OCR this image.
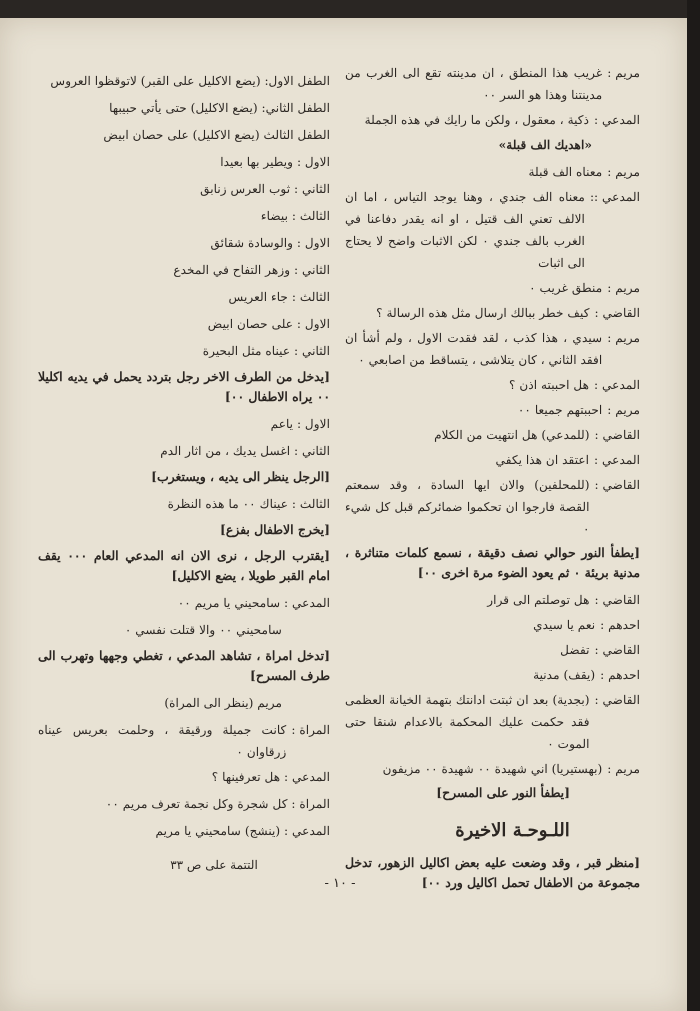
مريم :
غريب هذا المنطق ، ان مدينته تقع الى الغرب من مدينتنا وهذا هو السر ٠٠
المدعي :
ذكية ، معقول ، ولكن ما رايك في هذه الجملة
«اهديك الف قبلة»
مريم :
معناه الف قبلة
المدعي ::
معناه الف جندي ، وهنا يوجد التياس ، اما ان الالف تعني الف قتيل ، او انه يقدر دفاعنا في الغرب بالف جندي ٠ لكن الاثبات واضح لا يحتاج الى اثبات
مريم :
منطق غريب ٠
القاضي :
كيف خطر ببالك ارسال مثل هذه الرسالة ؟
مريم :
سيدي ، هذا كذب ، لقد فقدت الاول ، ولم أشأ ان افقد الثاني ، كان يتلاشى ، يتساقط من اصابعي ٠
المدعي :
هل احببته اذن ؟
مريم :
احببتهم جميعا ٠٠
القاضي :
(للمدعي) هل انتهيت من الكلام
المدعي :
اعتقد ان هذا يكفي
القاضي :
(للمحلفين) والان ايها السادة ، وقد سمعتم القصة فارجوا ان تحكموا ضمائركم قبل كل شيء ٠
[يطفأ النور حوالي نصف دقيقة ، نسمع كلمات متناثرة ، مدنية بريئة ٠ ثم يعود الضوء مرة اخرى ٠٠]
القاضي :
هل توصلتم الى قرار
احدهم :
نعم يا سيدي
القاضي :
تفضل
احدهم :
(يقف) مدنية
القاضي :
(بجدية) بعد ان ثبتت ادانتك بتهمة الخيانة العظمى فقد حكمت عليك المحكمة بالاعدام شنقا حتى الموت ٠
مريم :
(بهستيريا) اني شهيدة ٠٠ شهيدة ٠٠ مزيفون
[يطفأ النور على المسرح]
اللـوحـة الاخيرة
[منظر قبر ، وقد وضعت عليه بعض اكاليل الزهور، تدخل مجموعة من الاطفال تحمل اكاليل ورد ٠٠]
الطفل الاول: (يضع الاكليل على القبر) لاتوقظوا العروس
الطفل الثاني: (يضع الاكليل) حتى يأتي حبيبها
الطفل الثالث (يضع الاكليل) على حصان ابيض
الاول : ويطير بها بعيدا
الثاني : ثوب العرس زنابق
الثالث : بيضاء
الاول : والوسادة شقائق
الثاني : وزهر التفاح في المخدع
الثالث : جاء العريس
الاول : على حصان ابيض
الثاني : عيناه مثل البحيرة
[يدخل من الطرف الاخر رجل بتردد يحمل في يديه اكليلا ٠٠ يراه الاطفال ٠٠]
الاول : ياعم
الثاني : اغسل يديك ، من اثار الدم
[الرجل ينظر الى يديه ، ويستغرب]
الثالث : عيناك ٠٠ ما هذه النظرة
[يخرج الاطفال بفزع]
[يقترب الرجل ، نرى الان انه المدعي العام ٠٠٠ يقف امام القبر طويلا ، يضع الاكليل]
المدعي : سامحيني يا مريم ٠٠
سامحيني ٠٠ والا قتلت نفسي ٠
[تدخل امراة ، تشاهد المدعي ، تغطي وجهها وتهرب الى طرف المسرح]
مريم (ينظر الى المراة)
المراة :
كانت جميلة ورقيقة ، وحلمت بعريس عيناه زرقاوان ٠
المدعي : هل تعرفينها ؟
المراة : كل شجرة وكل نجمة تعرف مريم ٠٠
المدعي : (ينشج) سامحيني يا مريم
التتمة على ص ٣٣
- ١٠ -
